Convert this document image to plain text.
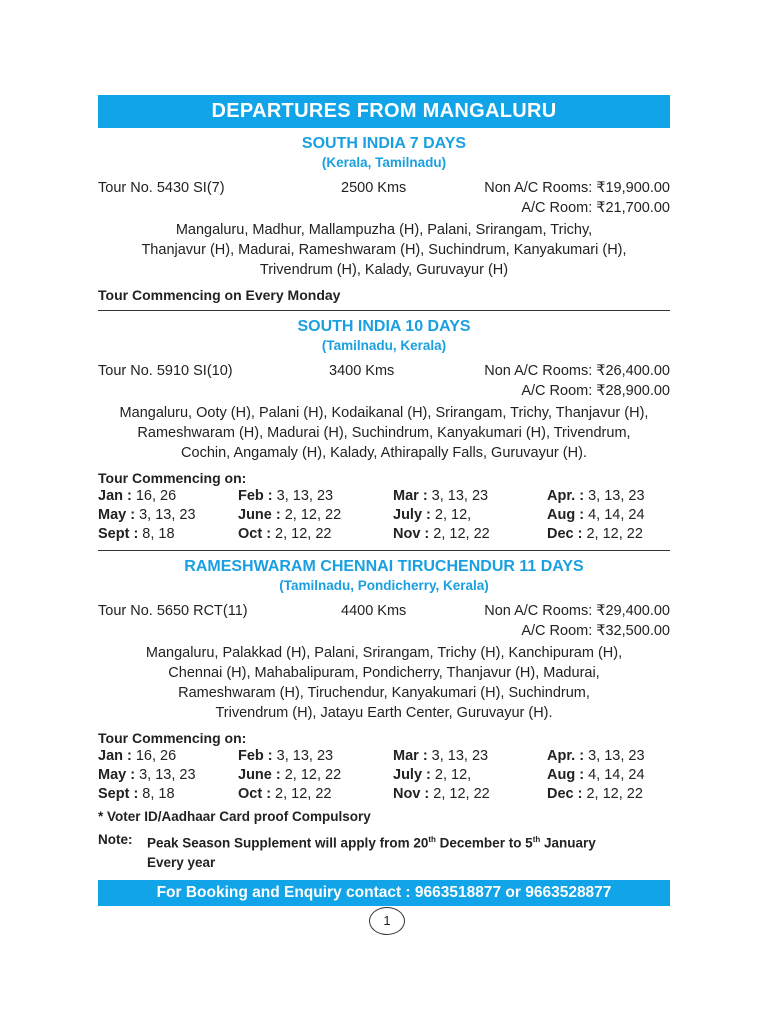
DEPARTURES FROM MANGALURU
SOUTH INDIA 7 DAYS
(Kerala, Tamilnadu)
Tour No. 5430 SI(7)	2500 Kms	Non A/C Rooms: ₹19,900.00
A/C Room: ₹21,700.00
Mangaluru, Madhur, Mallampuzha (H), Palani, Srirangam, Trichy,
Thanjavur (H), Madurai, Rameshwaram (H), Suchindrum, Kanyakumari (H),
Trivendrum (H), Kalady, Guruvayur (H)
Tour Commencing on Every Monday
SOUTH INDIA 10 DAYS
(Tamilnadu, Kerala)
Tour No. 5910 SI(10)	3400 Kms	Non A/C Rooms: ₹26,400.00
A/C Room: ₹28,900.00
Mangaluru, Ooty (H), Palani (H), Kodaikanal (H), Srirangam, Trichy, Thanjavur (H),
Rameshwaram (H), Madurai (H), Suchindrum, Kanyakumari (H), Trivendrum,
Cochin, Angamaly (H), Kalady, Athirapally Falls, Guruvayur (H).
Tour Commencing on:
Jan : 16, 26	Feb : 3, 13, 23	Mar : 3, 13, 23	Apr. : 3, 13, 23
May : 3, 13, 23	June : 2, 12, 22	July : 2, 12,	Aug : 4, 14, 24
Sept : 8, 18	Oct : 2, 12, 22	Nov : 2, 12, 22	Dec : 2, 12, 22
RAMESHWARAM CHENNAI TIRUCHENDUR 11 DAYS
(Tamilnadu, Pondicherry, Kerala)
Tour No. 5650 RCT(11)	4400 Kms	Non A/C Rooms: ₹29,400.00
A/C Room: ₹32,500.00
Mangaluru, Palakkad (H), Palani, Srirangam, Trichy (H), Kanchipuram (H),
Chennai (H), Mahabalipuram, Pondicherry, Thanjavur (H), Madurai,
Rameshwaram (H), Tiruchendur, Kanyakumari (H), Suchindrum,
Trivendrum (H), Jatayu Earth Center, Guruvayur (H).
Tour Commencing on:
Jan : 16, 26	Feb : 3, 13, 23	Mar : 3, 13, 23	Apr. : 3, 13, 23
May : 3, 13, 23	June : 2, 12, 22	July : 2, 12,	Aug : 4, 14, 24
Sept : 8, 18	Oct : 2, 12, 22	Nov : 2, 12, 22	Dec : 2, 12, 22
* Voter ID/Aadhaar Card proof Compulsory
Note:	Peak Season Supplement will apply from 20th December to 5th January
Every year
For Booking and Enquiry contact : 9663518877 or 9663528877
1
